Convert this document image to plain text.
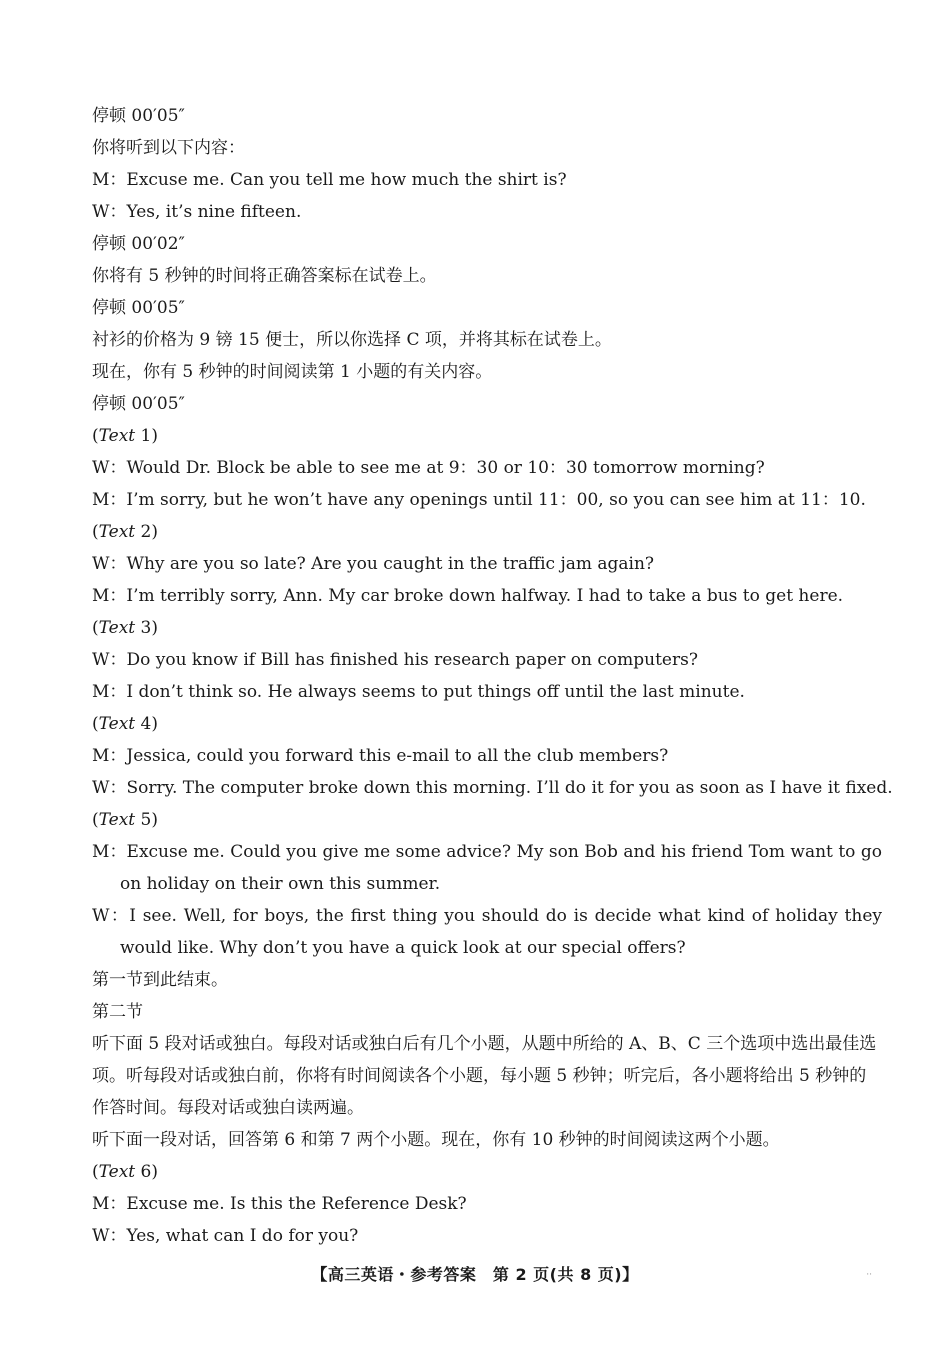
停顿 00′05″
你将听到以下内容：
M：Excuse me. Can you tell me how much the shirt is?
W：Yes, it’s nine fifteen.
停顿 00′02″
你将有 5 秒钟的时间将正确答案标在试卷上。
停顿 00′05″
衬衫的价格为 9 镑 15 便士，所以你选择 C 项，并将其标在试卷上。
现在，你有 5 秒钟的时间阅读第 1 小题的有关内容。
停顿 00′05″
(Text 1)
W：Would Dr. Block be able to see me at 9：30 or 10：30 tomorrow morning?
M：I’m sorry, but he won’t have any openings until 11：00, so you can see him at 11：10.
(Text 2)
W：Why are you so late? Are you caught in the traffic jam again?
M：I’m terribly sorry, Ann. My car broke down halfway. I had to take a bus to get here.
(Text 3)
W：Do you know if Bill has finished his research paper on computers?
M：I don’t think so. He always seems to put things off until the last minute.
(Text 4)
M：Jessica, could you forward this e-mail to all the club members?
W：Sorry. The computer broke down this morning. I’ll do it for you as soon as I have it fixed.
(Text 5)
M：Excuse me. Could you give me some advice? My son Bob and his friend Tom want to go on holiday on their own this summer.
W：I see. Well, for boys, the first thing you should do is decide what kind of holiday they would like. Why don’t you have a quick look at our special offers?
第一节到此结束。
第二节
听下面 5 段对话或独白。每段对话或独白后有几个小题，从题中所给的 A、B、C 三个选项中选出最佳选项。听每段对话或独白前，你将有时间阅读各个小题，每小题 5 秒钟；听完后，各小题将给出 5 秒钟的作答时间。每段对话或独白读两遍。
听下面一段对话，回答第 6 和第 7 两个小题。现在，你有 10 秒钟的时间阅读这两个小题。
(Text 6)
M：Excuse me. Is this the Reference Desk?
W：Yes, what can I do for you?
【高三英语・参考答案　第 2 页(共 8 页)】	··
